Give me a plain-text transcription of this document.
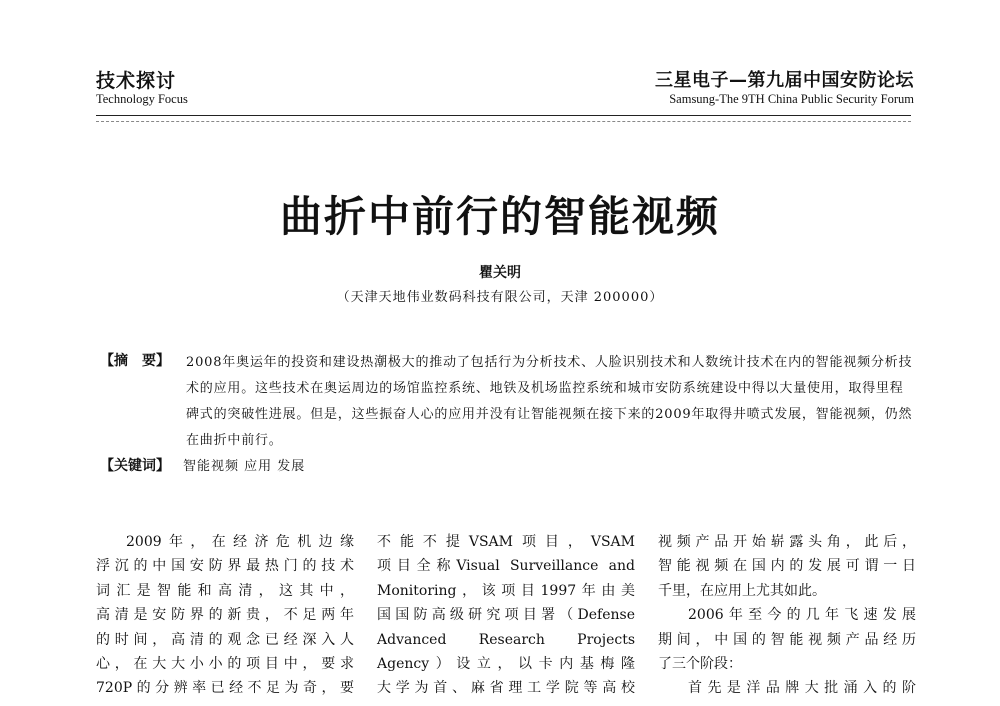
技术探讨
Technology Focus
三星电子—第九届中国安防论坛
Samsung-The 9TH China Public Security Forum
曲折中前行的智能视频
瞿关明
（天津天地伟业数码科技有限公司，天津 200000）
【摘　要】 2008年奥运年的投资和建设热潮极大的推动了包括行为分析技术、人脸识别技术和人数统计技术在内的智能视频分析技术的应用。这些技术在奥运周边的场馆监控系统、地铁及机场监控系统和城市安防系统建设中得以大量使用，取得里程碑式的突破性进展。但是，这些振奋人心的应用并没有让智能视频在接下来的2009年取得井喷式发展，智能视频，仍然在曲折中前行。
【关键词】 智能视频 应用 发展
2009年，在经济危机边缘
浮沉的中国安防界最热门的技术
词汇是智能和高清，这其中，
高清是安防界的新贵，不足两年
的时间，高清的观念已经深入人
心，在大大小小的项目中，要求
720P的分辨率已经不足为奇，要
不能不提VSAM项目，VSAM
项目全称Visual Surveillance and
Monitoring，该项目1997年由美
国国防高级研究项目署（Defense
Advanced Research Projects
Agency）设立，以卡内基梅隆
大学为首、麻省理工学院等高校
视频产品开始崭露头角，此后，
智能视频在国内的发展可谓一日
千里，在应用上尤其如此。
2006年至今的几年飞速发展
期间，中国的智能视频产品经历
了三个阶段：
首先是洋品牌大批涌入的阶
